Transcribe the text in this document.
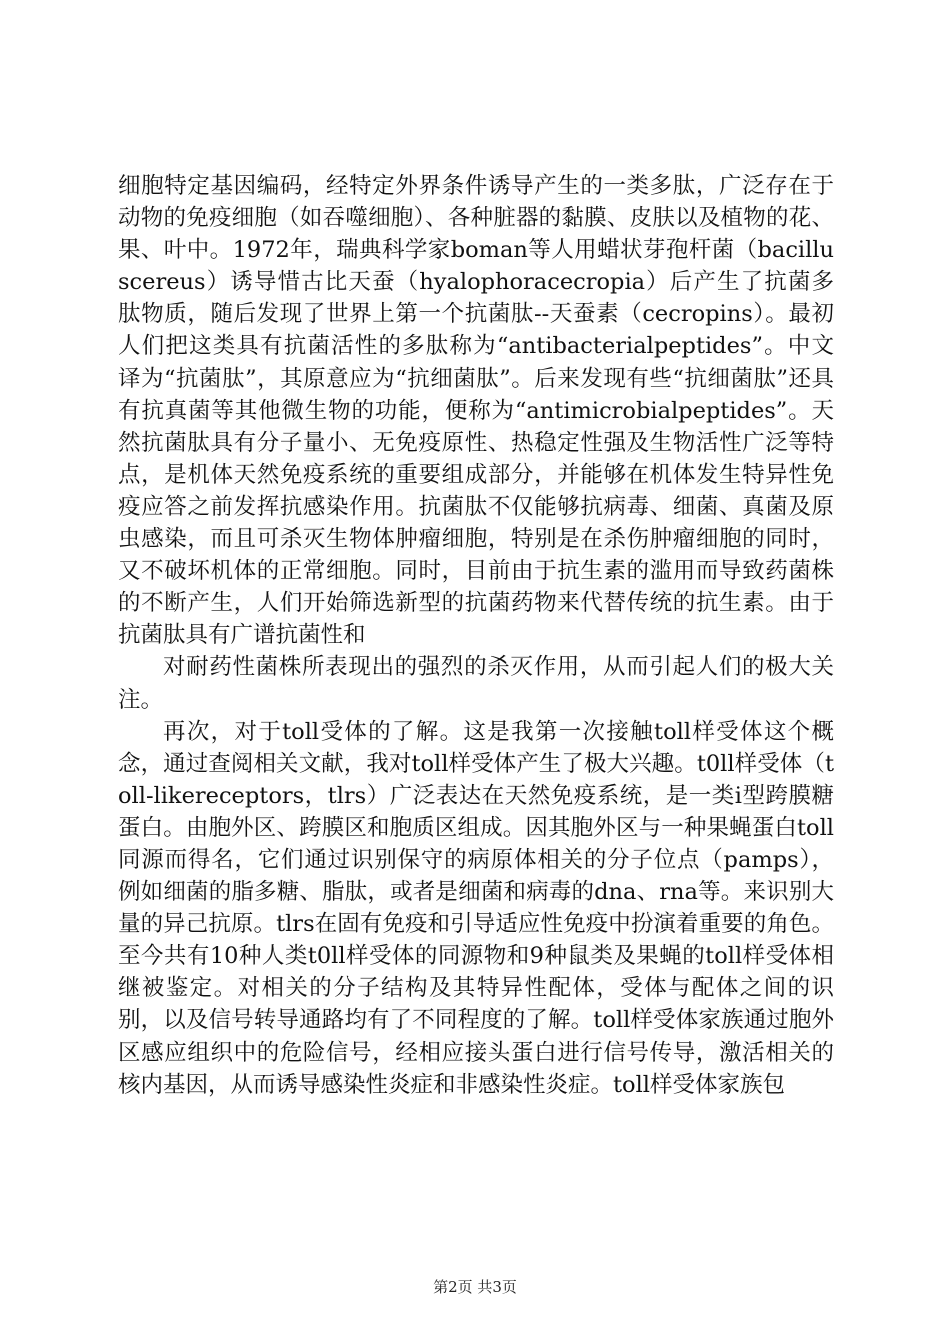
细胞特定基因编码，经特定外界条件诱导产生的一类多肽，广泛存在于动物的免疫细胞（如吞噬细胞）、各种脏器的黏膜、皮肤以及植物的花、果、叶中。1972年，瑞典科学家boman等人用蜡状芽孢杆菌（bacilluscereus）诱导惜古比天蚕（hyalophoracecropia）后产生了抗菌多肽物质，随后发现了世界上第一个抗菌肽--天蚕素（cecropins）。最初人们把这类具有抗菌活性的多肽称为“antibacterialpeptides”。中文译为“抗菌肽”，其原意应为“抗细菌肽”。后来发现有些“抗细菌肽”还具有抗真菌等其他微生物的功能，便称为“antimicrobialpeptides”。天然抗菌肽具有分子量小、无免疫原性、热稳定性强及生物活性广泛等特点，是机体天然免疫系统的重要组成部分，并能够在机体发生特异性免疫应答之前发挥抗感染作用。抗菌肽不仅能够抗病毒、细菌、真菌及原虫感染，而且可杀灭生物体肿瘤细胞，特别是在杀伤肿瘤细胞的同时，又不破坏机体的正常细胞。同时，目前由于抗生素的滥用而导致药菌株的不断产生，人们开始筛选新型的抗菌药物来代替传统的抗生素。由于抗菌肽具有广谱抗菌性和

对耐药性菌株所表现出的强烈的杀灭作用，从而引起人们的极大关注。

再次，对于toll受体的了解。这是我第一次接触toll样受体这个概念，通过查阅相关文献，我对toll样受体产生了极大兴趣。t0ll样受体（toll-likereceptors，tlrs）广泛表达在天然免疫系统，是一类i型跨膜糖蛋白。由胞外区、跨膜区和胞质区组成。因其胞外区与一种果蝇蛋白toll同源而得名，它们通过识别保守的病原体相关的分子位点（pamps），例如细菌的脂多糖、脂肽，或者是细菌和病毒的dna、rna等。来识别大量的异己抗原。tlrs在固有免疫和引导适应性免疫中扮演着重要的角色。至今共有10种人类t0ll样受体的同源物和9种鼠类及果蝇的toll样受体相继被鉴定。对相关的分子结构及其特异性配体，受体与配体之间的识别，以及信号转导通路均有了不同程度的了解。toll样受体家族通过胞外区感应组织中的危险信号，经相应接头蛋白进行信号传导，激活相关的核内基因，从而诱导感染性炎症和非感染性炎症。toll样受体家族包

第2页 共3页
